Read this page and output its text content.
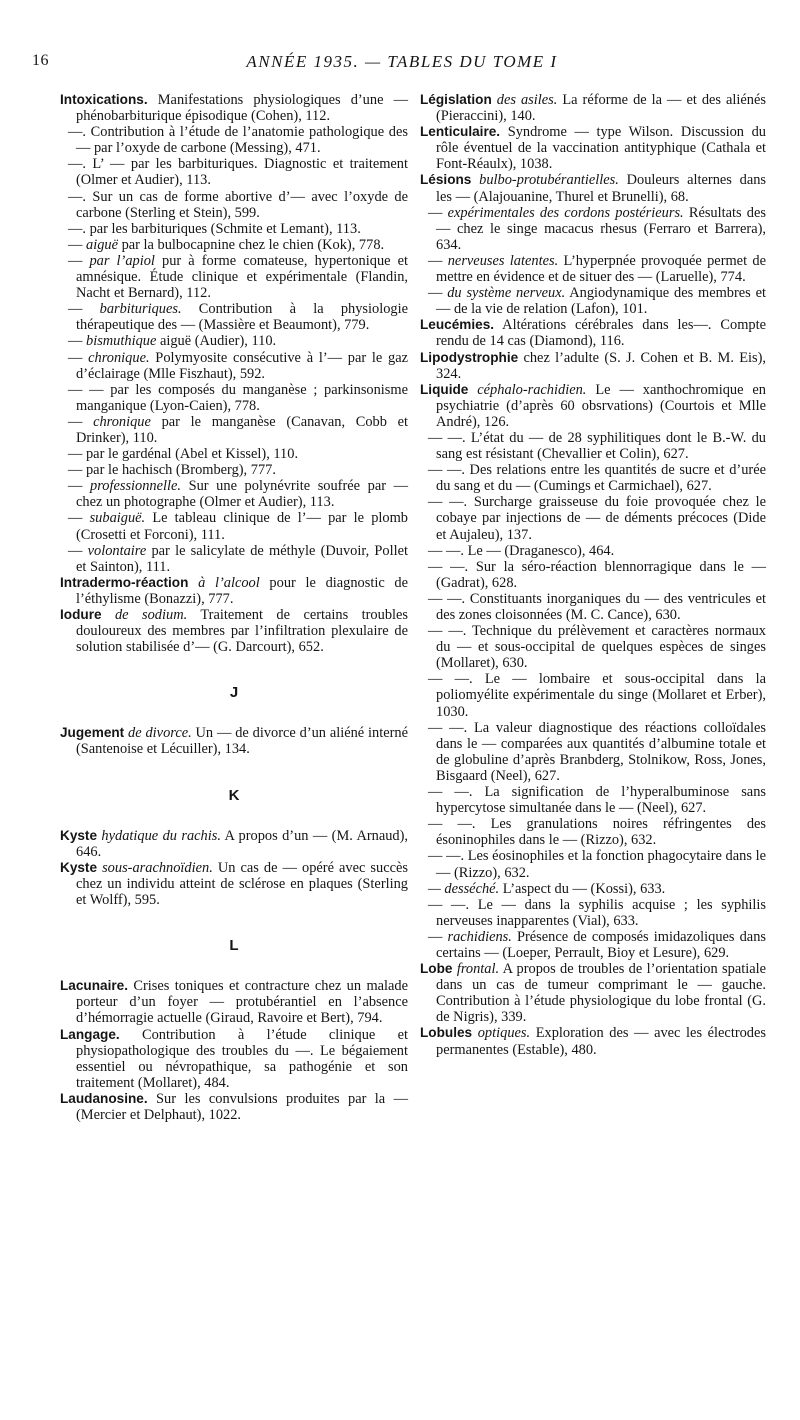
16	ANNÉE 1935. — TABLES DU TOME I

Intoxications. Manifestations physiologiques d’une — phénobarbiturique épisodique (Cohen), 112.

—. Contribution à l’étude de l’anatomie pathologique des — par l’oxyde de carbone (Messing), 471.

—. L’ — par les barbituriques. Diagnostic et traitement (Olmer et Audier), 113.

—. Sur un cas de forme abortive d’— avec l’oxyde de carbone (Sterling et Stein), 599.

—. par les barbituriques (Schmite et Lemant), 113.

— aiguë par la bulbocapnine chez le chien (Kok), 778.

— par l’apiol pur à forme comateuse, hypertonique et amnésique. Étude clinique et expérimentale (Flandin, Nacht et Bernard), 112.

— barbituriques. Contribution à la physiologie thérapeutique des — (Massière et Beaumont), 779.

— bismuthique aiguë (Audier), 110.

— chronique. Polymyosite consécutive à l’— par le gaz d’éclairage (Mlle Fiszhaut), 592.

— — par les composés du manganèse ; parkinsonisme manganique (Lyon-Caien), 778.

— chronique par le manganèse (Canavan, Cobb et Drinker), 110.

— par le gardénal (Abel et Kissel), 110.

— par le hachisch (Bromberg), 777.

— professionnelle. Sur une polynévrite soufrée par — chez un photographe (Olmer et Audier), 113.

— subaiguë. Le tableau clinique de l’— par le plomb (Crosetti et Forconi), 111.

— volontaire par le salicylate de méthyle (Duvoir, Pollet et Sainton), 111.

Intradermo-réaction à l’alcool pour le diagnostic de l’éthylisme (Bonazzi), 777.

Iodure de sodium. Traitement de certains troubles douloureux des membres par l’infiltration plexulaire de solution stabilisée d’— (G. Darcourt), 652.

J

Jugement de divorce. Un — de divorce d’un aliéné interné (Santenoise et Lécuiller), 134.

K

Kyste hydatique du rachis. A propos d’un — (M. Arnaud), 646.

Kyste sous-arachnoïdien. Un cas de — opéré avec succès chez un individu atteint de sclérose en plaques (Sterling et Wolff), 595.

L

Lacunaire. Crises toniques et contracture chez un malade porteur d’un foyer — protubérantiel en l’absence d’hémorragie actuelle (Giraud, Ravoire et Bert), 794.

Langage. Contribution à l’étude clinique et physiopathologique des troubles du —. Le bégaiement essentiel ou névropathique, sa pathogénie et son traitement (Mollaret), 484.

Laudanosine. Sur les convulsions produites par la — (Mercier et Delphaut), 1022.

Législation des asiles. La réforme de la — et des aliénés (Pieraccini), 140.

Lenticulaire. Syndrome — type Wilson. Discussion du rôle éventuel de la vaccination antityphique (Cathala et Font-Réaulx), 1038.

Lésions bulbo-protubérantielles. Douleurs alternes dans les — (Alajouanine, Thurel et Brunelli), 68.

— expérimentales des cordons postérieurs. Résultats des — chez le singe macacus rhesus (Ferraro et Barrera), 634.

— nerveuses latentes. L’hyperpnée provoquée permet de mettre en évidence et de situer des — (Laruelle), 774.

— du système nerveux. Angiodynamique des membres et — de la vie de relation (Lafon), 101.

Leucémies. Altérations cérébrales dans les—. Compte rendu de 14 cas (Diamond), 116.

Lipodystrophie chez l’adulte (S. J. Cohen et B. M. Eis), 324.

Liquide céphalo-rachidien. Le — xanthochromique en psychiatrie (d’après 60 obsrvations) (Courtois et Mlle André), 126.

— —. L’état du — de 28 syphilitiques dont le B.-W. du sang est résistant (Chevallier et Colin), 627.

— —. Des relations entre les quantités de sucre et d’urée du sang et du — (Cumings et Carmichael), 627.

— —. Surcharge graisseuse du foie provoquée chez le cobaye par injections de — de déments précoces (Dide et Aujaleu), 137.

— —. Le — (Draganesco), 464.

— —. Sur la séro-réaction blennorragique dans le — (Gadrat), 628.

— —. Constituants inorganiques du — des ventricules et des zones cloisonnées (M. C. Cance), 630.

— —. Technique du prélèvement et caractères normaux du — et sous-occipital de quelques espèces de singes (Mollaret), 630.

— —. Le — lombaire et sous-occipital dans la poliomyélite expérimentale du singe (Mollaret et Erber), 1030.

— —. La valeur diagnostique des réactions colloïdales dans le — comparées aux quantités d’albumine totale et de globuline d’après Branbderg, Stolnikow, Ross, Jones, Bisgaard (Neel), 627.

— —. La signification de l’hyperalbuminose sans hypercytose simultanée dans le — (Neel), 627.

— —. Les granulations noires réfringentes des ésoninophiles dans le — (Rizzo), 632.

— —. Les éosinophiles et la fonction phagocytaire dans le — (Rizzo), 632.

— desséché. L’aspect du — (Kossi), 633.

— —. Le — dans la syphilis acquise ; les syphilis nerveuses inapparentes (Vial), 633.

— rachidiens. Présence de composés imidazoliques dans certains — (Loeper, Perrault, Bioy et Lesure), 629.

Lobe frontal. A propos de troubles de l’orientation spatiale dans un cas de tumeur comprimant le — gauche. Contribution à l’étude physiologique du lobe frontal (G. de Nigris), 339.

Lobules optiques. Exploration des — avec les électrodes permanentes (Estable), 480.
